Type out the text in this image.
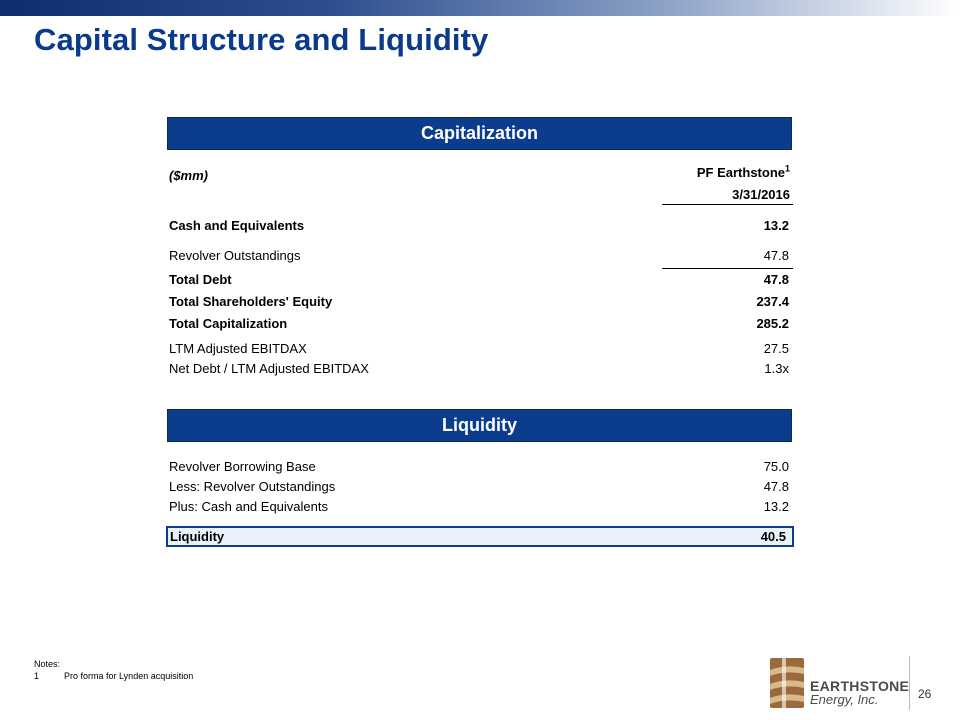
Capital Structure and Liquidity
Capitalization
($mm)	PF Earthstone$^1$
3/31/2016
Cash and Equivalents	13.2
Revolver Outstandings	47.8
Total Debt	47.8
Total Shareholders' Equity	237.4
Total Capitalization	285.2
LTM Adjusted EBITDAX	27.5
Net Debt / LTM Adjusted EBITDAX	1.3x
Liquidity
Revolver Borrowing Base	75.0
Less: Revolver Outstandings	47.8
Plus: Cash and Equivalents	13.2
Liquidity	40.5
Notes:
1	Pro forma for Lynden acquisition
EARTHSTONE
Energy, Inc.	26
